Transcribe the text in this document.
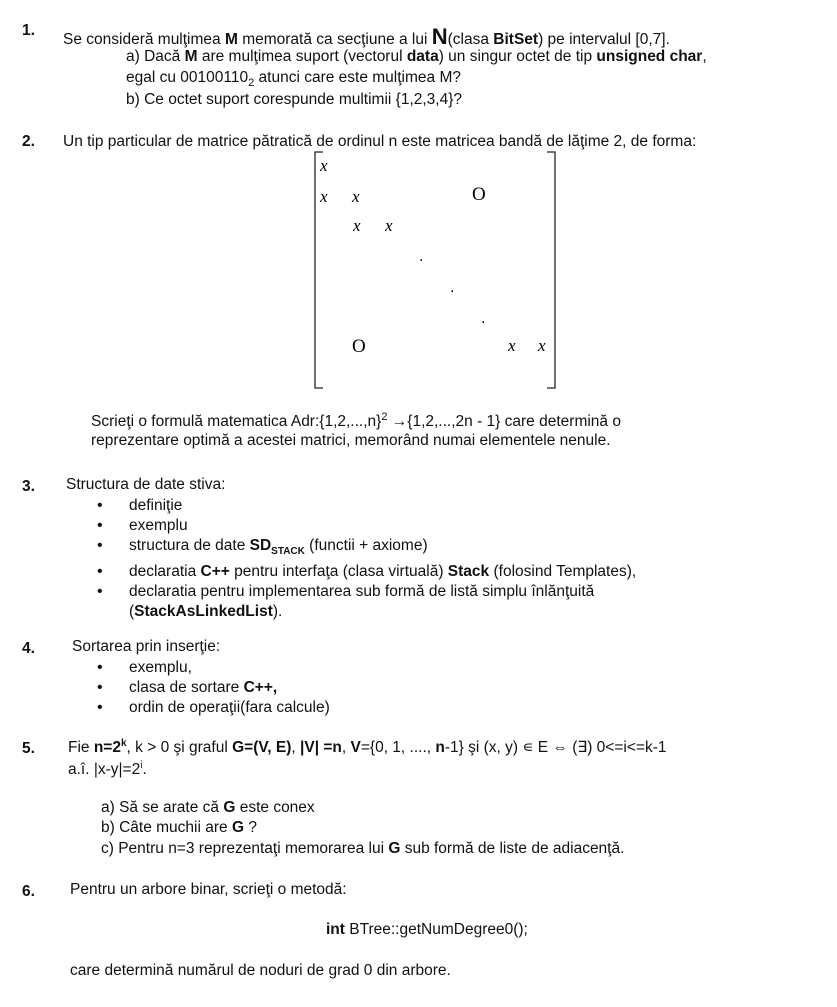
1.
Se consideră mulţimea M memorată ca secţiune a lui N(clasa BitSet) pe intervalul [0,7].
a) Dacă M are mulţimea suport (vectorul data) un singur octet de tip unsigned char,
egal cu $00100110_2$ atunci care este mulţimea M?
b) Ce octet suport corespunde multimii {1,2,3,4}?
2. Un tip particular de matrice pătratică de ordinul n este matricea bandă de lăţime 2, de forma:
x
x x	O
x x
.
.
.
O	x x
Scrieţi o formulă matematica $Adr:\{1,2,...,n\}^2 \to\{1,2,...,2n - 1\}$ care determină o
reprezentare optimă a acestei matrici, memorând numai elementele nenule.
3. Structura de date stiva:
• definiţie
• exemplu
• structura de date $SD_{STACK}$ (functii + axiome)
• declaratia C++ pentru interfaţa (clasa virtuală) Stack (folosind Templates),
• declaratia pentru implementarea sub formă de listă simplu înlănţuită
(StackAsLinkedList).
4. Sortarea prin inserţie:
• exemplu,
• clasa de sortare C++,
• ordin de operaţii(fara calcule)
5. Fie $n=2^k$, k > 0 şi graful G=(V, E), |V| =n, V={0, 1, ...., n-1} şi (x, y) ∊ E ⇔ (∃) 0<=i<=k-1
a.î. $|x-y|=2^i$.
a) Să se arate că G este conex
b) Câte muchii are G ?
c) Pentru n=3 reprezentaţi memorarea lui G sub formă de liste de adiacenţă.
6. Pentru un arbore binar, scrieţi o metodă:
int BTree::getNumDegree0();
care determină numărul de noduri de grad 0 din arbore.
